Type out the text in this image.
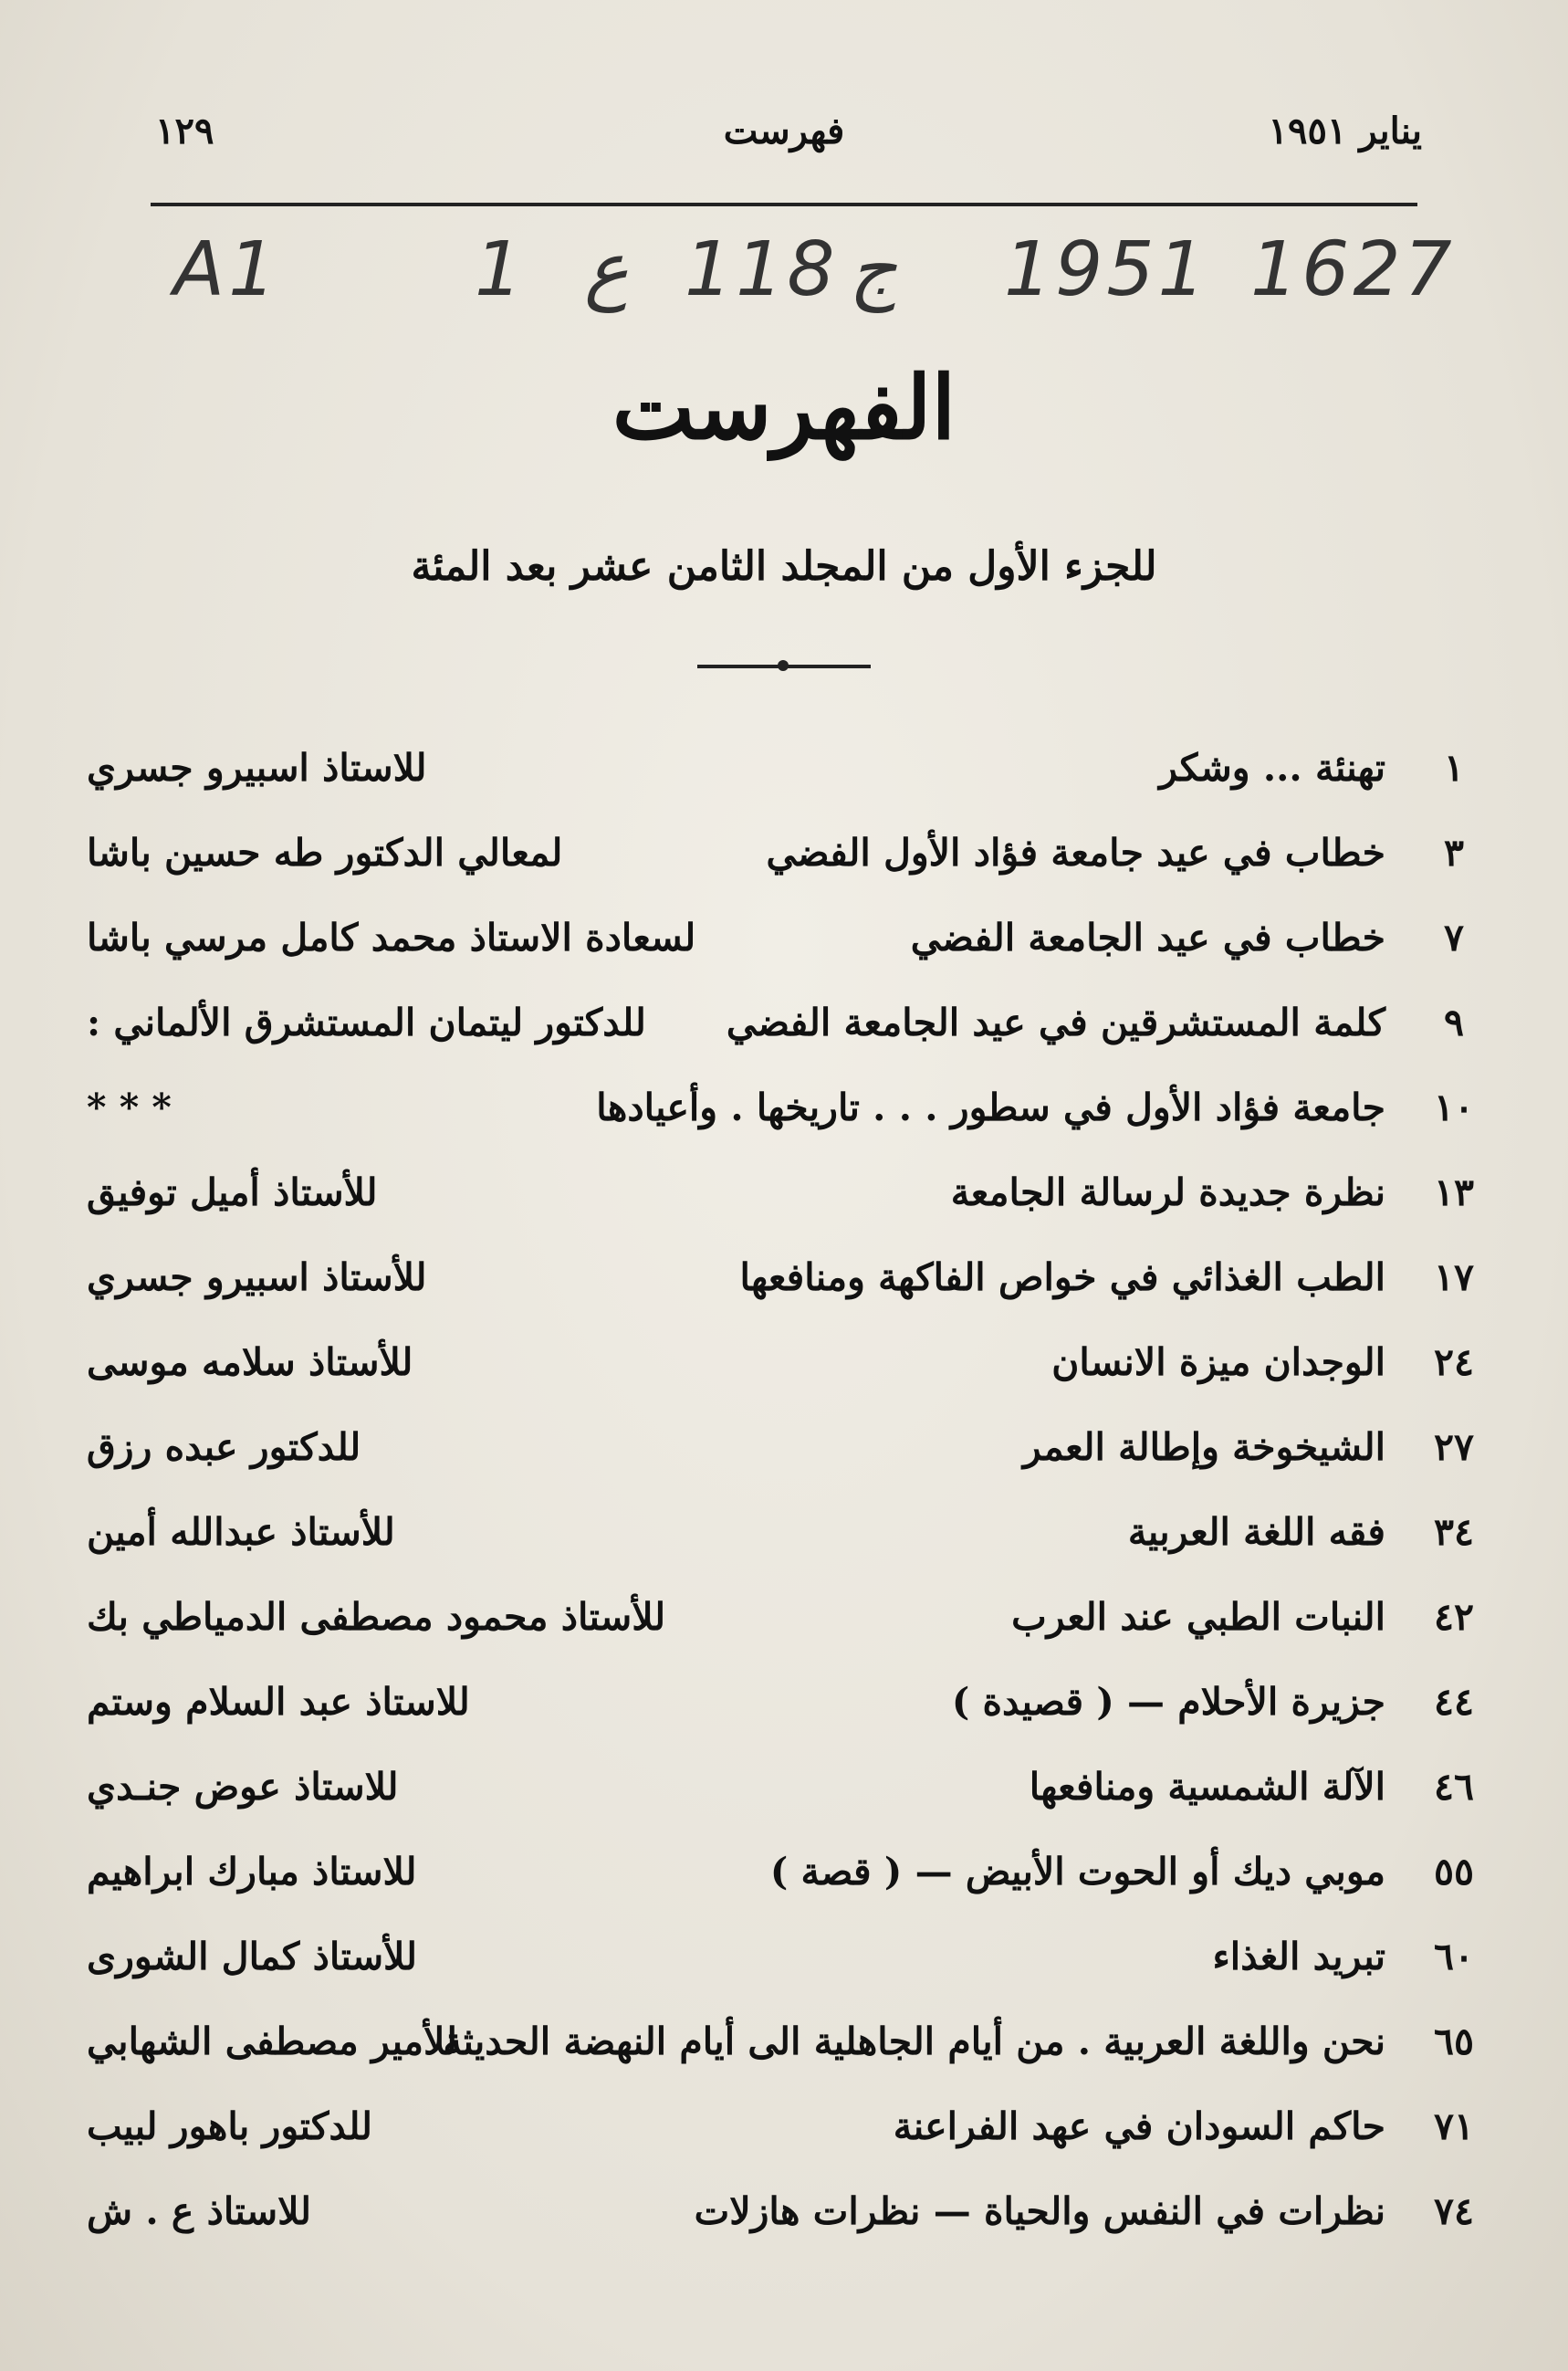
يناير ١٩٥١
فهرست
١٢٩
A1	1 ع 118 ج 1951 1627
الفهرست
للجزء الأول من المجلد الثامن عشر بعد المئة
١
تهنئة ... وشكر
للاستاذ اسبيرو جسري
٣
خطاب في عيد جامعة فؤاد الأول الفضي
لمعالي الدكتور طه حسين باشا
٧
خطاب في عيد الجامعة الفضي
لسعادة الاستاذ محمد كامل مرسي باشا
٩
كلمة المستشرقين في عيد الجامعة الفضي
للدكتور ليتمان المستشرق الألماني :
١٠
جامعة فؤاد الأول في سطور . . . تاريخها . وأعيادها
* * *
١٣
نظرة جديدة لرسالة الجامعة
للأستاذ أميل توفيق
١٧
الطب الغذائي في خواص الفاكهة ومنافعها
للأستاذ اسبيرو جسري
٢٤
الوجدان ميزة الانسان
للأستاذ سلامه موسى
٢٧
الشيخوخة وإطالة العمر
للدكتور عبده رزق
٣٤
فقه اللغة العربية
للأستاذ عبدالله أمين
٤٢
النبات الطبي عند العرب
للأستاذ محمود مصطفى الدمياطي بك
٤٤
جزيرة الأحلام — ( قصيدة )
للاستاذ عبد السلام وستم
٤٦
الآلة الشمسية ومنافعها
للاستاذ عوض جنـدي
٥٥
موبي ديك أو الحوت الأبيض — ( قصة )
للاستاذ مبارك ابراهيم
٦٠
تبريد الغذاء
للأستاذ كمال الشورى
٦٥
نحن واللغة العربية . من أيام الجاهلية الى أيام النهضة الحديثة
للأمير مصطفى الشهابي
٧١
حاكم السودان في عهد الفراعنة
للدكتور باهور لبيب
٧٤
نظرات في النفس والحياة — نظرات هازلات
للاستاذ ع . ش
